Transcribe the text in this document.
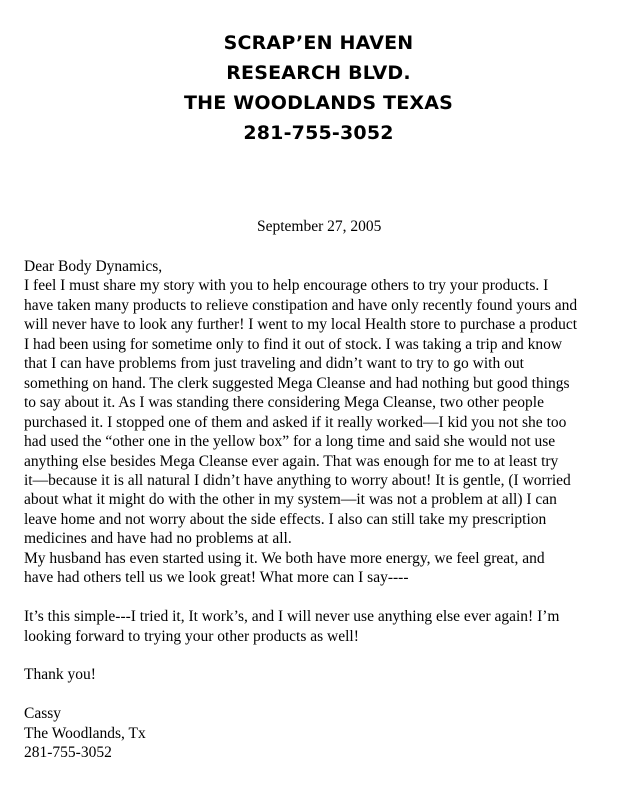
SCRAP’EN HAVEN
RESEARCH BLVD.
THE WOODLANDS TEXAS
281-755-3052
September 27, 2005
Dear Body Dynamics,
I feel I must share my story with you to help encourage others to try your products. I
have taken many products to relieve constipation and have only recently found yours and
will never have to look any further! I went to my local Health store to purchase a product
I had been using for sometime only to find it out of stock. I was taking a trip and know
that I can have problems from just traveling and didn’t want to try to go with out
something on hand. The clerk suggested Mega Cleanse and had nothing but good things
to say about it. As I was standing there considering Mega Cleanse, two other people
purchased it. I stopped one of them and asked if it really worked—I kid you not she too
had used the “other one in the yellow box” for a long time and said she would not use
anything else besides Mega Cleanse ever again. That was enough for me to at least try
it—because it is all natural I didn’t have anything to worry about! It is gentle, (I worried
about what it might do with the other in my system—it was not a problem at all) I can
leave home and not worry about the side effects. I also can still take my prescription
medicines and have had no problems at all.
My husband has even started using it. We both have more energy, we feel great, and
have had others tell us we look great! What more can I say----
It’s this simple---I tried it, It work’s, and I will never use anything else ever again! I’m
looking forward to trying your other products as well!
Thank you!
Cassy
The Woodlands, Tx
281-755-3052
